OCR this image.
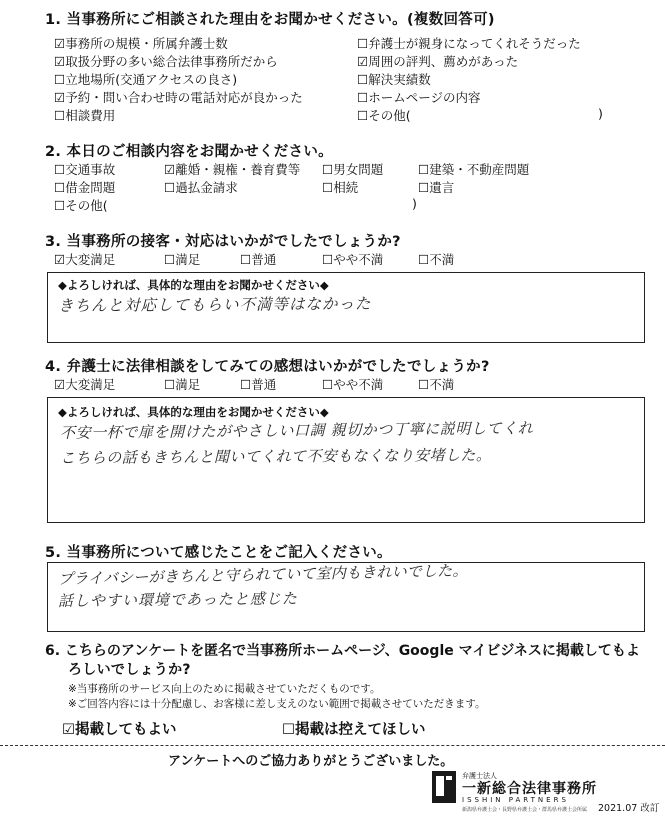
1. 当事務所にご相談された理由をお聞かせください。(複数回答可)
☑事務所の規模・所属弁護士数
☑取扱分野の多い総合法律事務所だから
☐立地場所(交通アクセスの良さ)
☑予約・問い合わせ時の電話対応が良かった
☐相談費用
☐弁護士が親身になってくれそうだった
☑周囲の評判、薦めがあった
☐解決実績数
☐ホームページの内容
☐その他(	)
2. 本日のご相談内容をお聞かせください。
☐交通事故	☑離婚・親権・養育費等 ☐男女問題	☐建築・不動産問題
☐借金問題	☐過払金請求	☐相続	☐遺言
☐その他(	)
3. 当事務所の接客・対応はいかがでしたでしょうか?
☑大変満足	☐満足	☐普通	☐やや不満	☐不満
◆よろしければ、具体的な理由をお聞かせください◆
きちんと対応してもらい不満等はなかった
4. 弁護士に法律相談をしてみての感想はいかがでしたでしょうか?
☑大変満足	☐満足	☐普通	☐やや不満	☐不満
◆よろしければ、具体的な理由をお聞かせください◆
不安一杯で扉を開けたがやさしい口調 親切かつ丁寧に説明してくれ
こちらの話もきちんと聞いてくれて不安もなくなり安堵した。
5. 当事務所について感じたことをご記入ください。
プライバシーがきちんと守られていて室内もきれいでした。
話しやすい環境であったと感じた
6. こちらのアンケートを匿名で当事務所ホームページ、Google マイビジネスに掲載してもよ
ろしいでしょうか?
※当事務所のサービス向上のために掲載させていただくものです。
※ご回答内容には十分配慮し、お客様に差し支えのない範囲で掲載させていただきます。
☑掲載してもよい	☐掲載は控えてほしい
アンケートへのご協力ありがとうございました。
弁護士法人
一新総合法律事務所
ISSHIN PARTNERS
新潟県弁護士会・長野県弁護士会・群馬県弁護士会所属 2021.07 改訂
